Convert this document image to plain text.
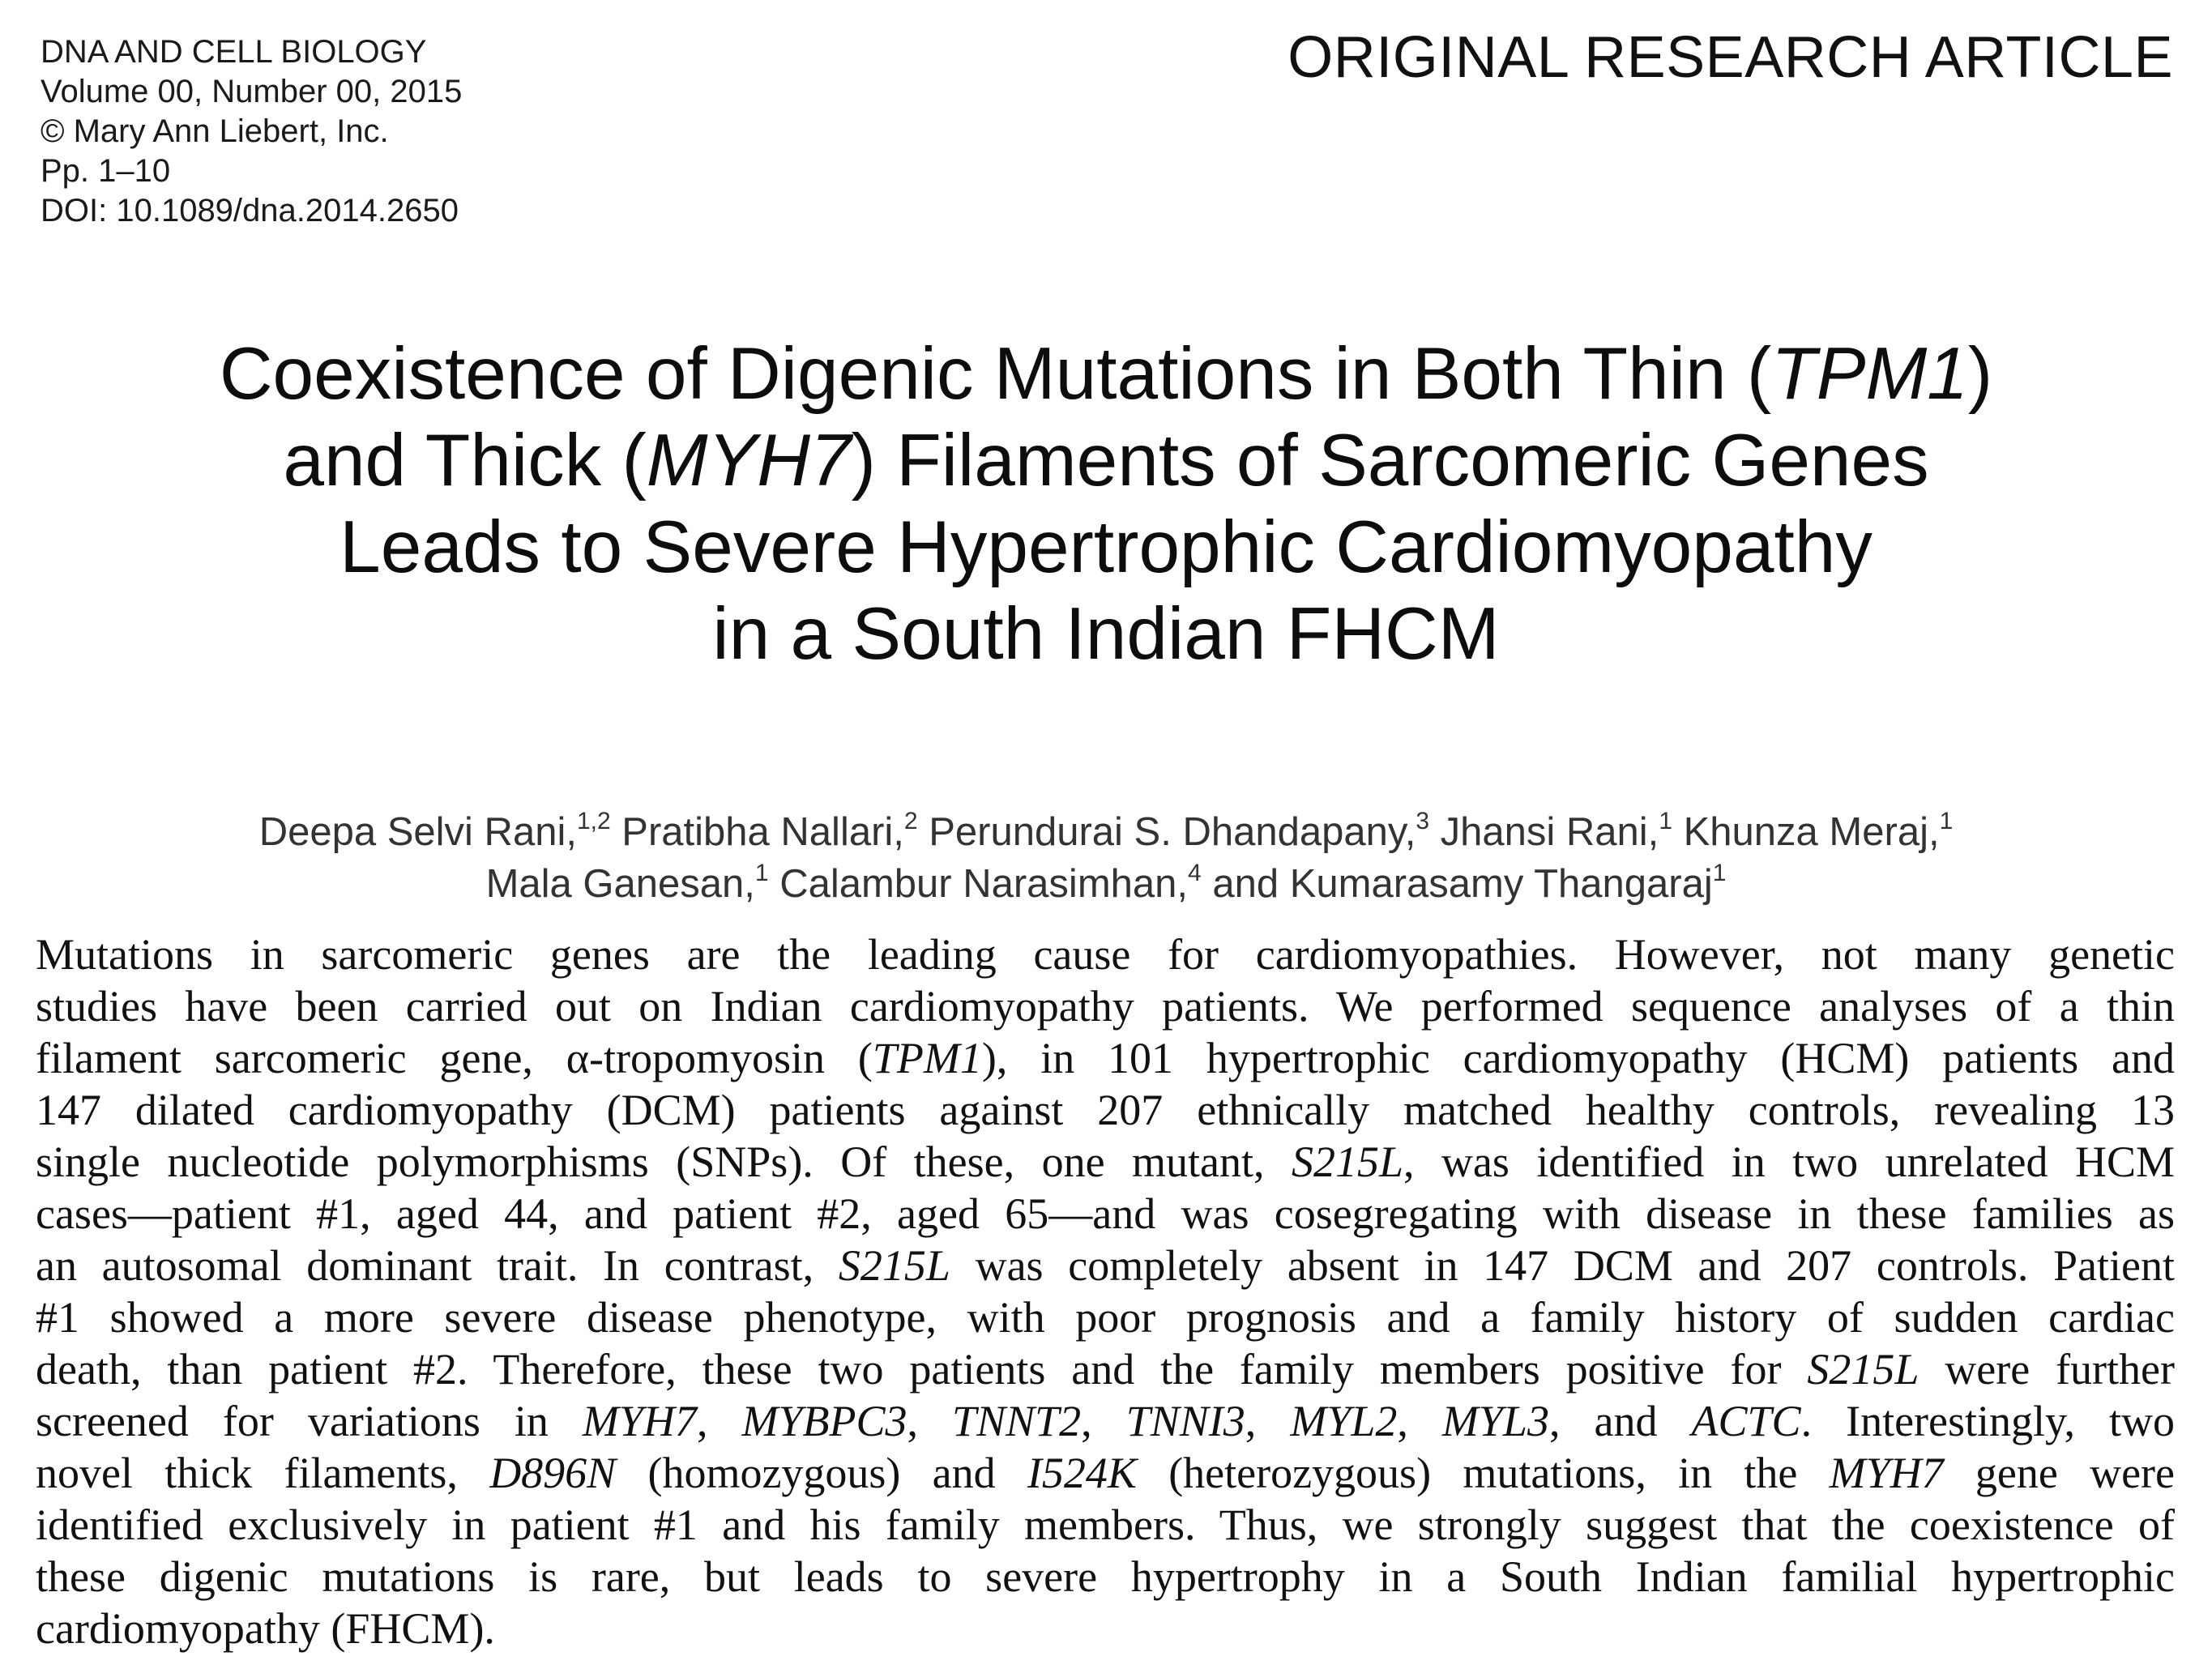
DNA AND CELL BIOLOGY
Volume 00, Number 00, 2015
© Mary Ann Liebert, Inc.
Pp. 1–10
DOI: 10.1089/dna.2014.2650
ORIGINAL RESEARCH ARTICLE
Coexistence of Digenic Mutations in Both Thin (TPM1)
and Thick (MYH7) Filaments of Sarcomeric Genes
Leads to Severe Hypertrophic Cardiomyopathy
in a South Indian FHCM
Deepa Selvi Rani,$^{1,2}$ Pratibha Nallari,$^2$ Perundurai S. Dhandapany,$^3$ Jhansi Rani,$^1$ Khunza Meraj,$^1$
Mala Ganesan,$^1$ Calambur Narasimhan,$^4$ and Kumarasamy Thangaraj$^1$
Mutations in sarcomeric genes are the leading cause for cardiomyopathies. However, not many genetic
studies have been carried out on Indian cardiomyopathy patients. We performed sequence analyses of a thin
filament sarcomeric gene, α-tropomyosin (TPM1), in 101 hypertrophic cardiomyopathy (HCM) patients and
147 dilated cardiomyopathy (DCM) patients against 207 ethnically matched healthy controls, revealing 13
single nucleotide polymorphisms (SNPs). Of these, one mutant, S215L, was identified in two unrelated HCM
cases—patient #1, aged 44, and patient #2, aged 65—and was cosegregating with disease in these families as
an autosomal dominant trait. In contrast, S215L was completely absent in 147 DCM and 207 controls. Patient
#1 showed a more severe disease phenotype, with poor prognosis and a family history of sudden cardiac
death, than patient #2. Therefore, these two patients and the family members positive for S215L were further
screened for variations in MYH7, MYBPC3, TNNT2, TNNI3, MYL2, MYL3, and ACTC. Interestingly, two
novel thick filaments, D896N (homozygous) and I524K (heterozygous) mutations, in the MYH7 gene were
identified exclusively in patient #1 and his family members. Thus, we strongly suggest that the coexistence of
these digenic mutations is rare, but leads to severe hypertrophy in a South Indian familial hypertrophic
cardiomyopathy (FHCM).
